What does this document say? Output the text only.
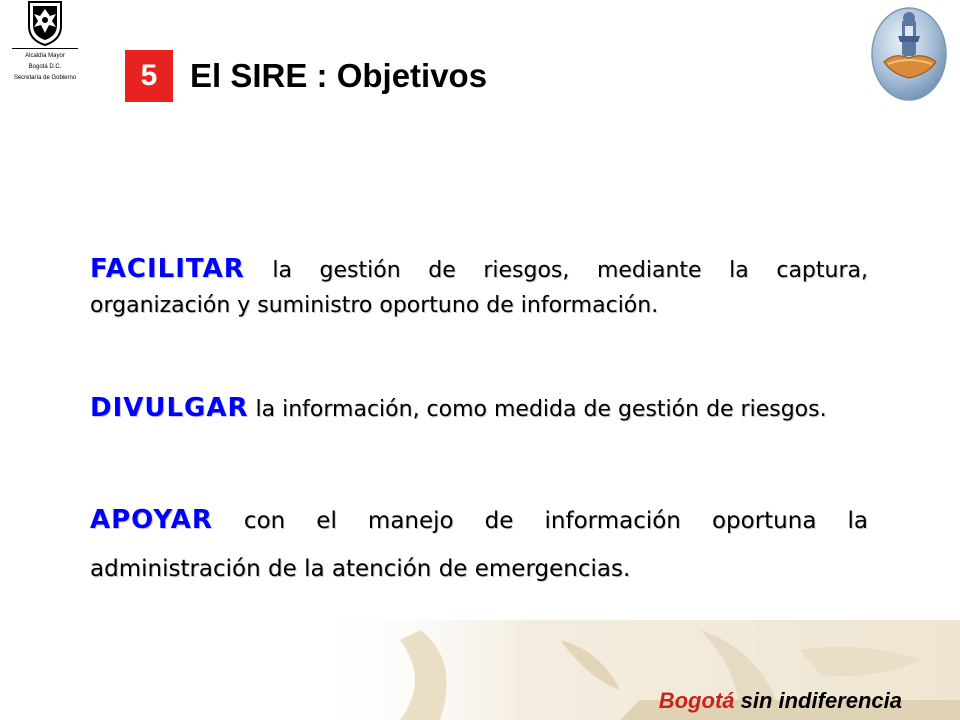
Alcaldía Mayor
Bogotá D.C.
Secretaría de Gobierno	5 El SIRE : Objetivos
FACILITAR la gestión de riesgos, mediante la captura, organización y suministro oportuno de información.
DIVULGAR la información, como medida de gestión de riesgos.
APOYAR con el manejo de información oportuna la administración de la atención de emergencias.
Bogotá sin indiferencia
